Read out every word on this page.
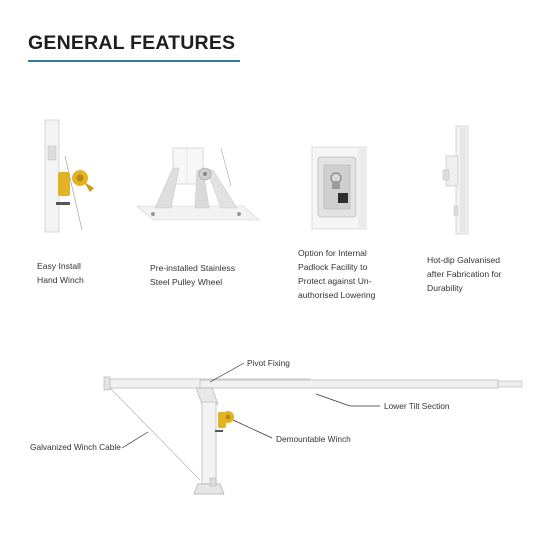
GENERAL FEATURES
Easy Install
Hand Winch
Pre-installed Stainless
Steel Pulley Wheel
Option for Internal
Padlock Facility to
Protect against Un-
authorised Lowering
Hot-dip Galvanised
after Fabrication for
Durability
Pivot Fixing
Lower Tilt Section
Galvanized Winch Cable
Demountable Winch
